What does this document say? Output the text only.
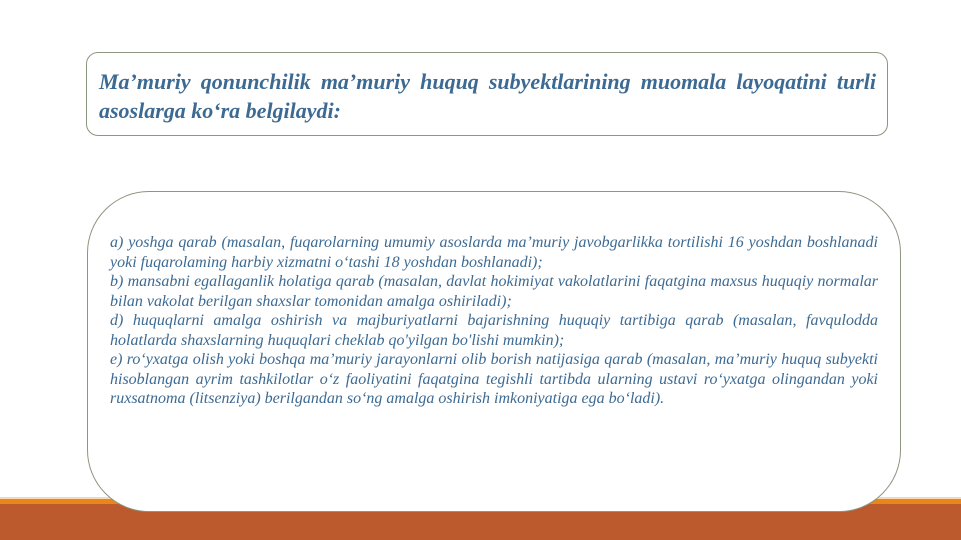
Ma’muriy qonunchilik ma’muriy huquq subyektlarining muomala layoqatini turli asoslarga ko‘ra belgilaydi:

a) yoshga qarab (masalan, fuqarolarning umumiy asoslarda ma’muriy javobgarlikka tortilishi 16 yoshdan boshlanadi yoki fuqarolaming harbiy xizmatni o‘tashi 18 yoshdan boshlanadi);

b) mansabni egallaganlik holatiga qarab (masalan, davlat hokimiyat vakolatlarini faqatgina maxsus huquqiy normalar bilan vakolat berilgan shaxslar tomonidan amalga oshiriladi);

d) huquqlarni amalga oshirish va majburiyatlarni bajarishning huquqiy tartibiga qarab (masalan, favqulodda holatlarda shaxslarning huquqlari cheklab qo'yilgan bo'lishi mumkin);

e) ro‘yxatga olish yoki boshqa ma’muriy jarayonlarni olib borish natijasiga qarab (masalan, ma’muriy huquq subyekti hisoblangan ayrim tashkilotlar o‘z faoliyatini faqatgina tegishli tartibda ularning ustavi ro‘yxatga olingandan yoki ruxsatnoma (litsenziya) berilgandan so‘ng amalga oshirish imkoniyatiga ega bo‘ladi).
